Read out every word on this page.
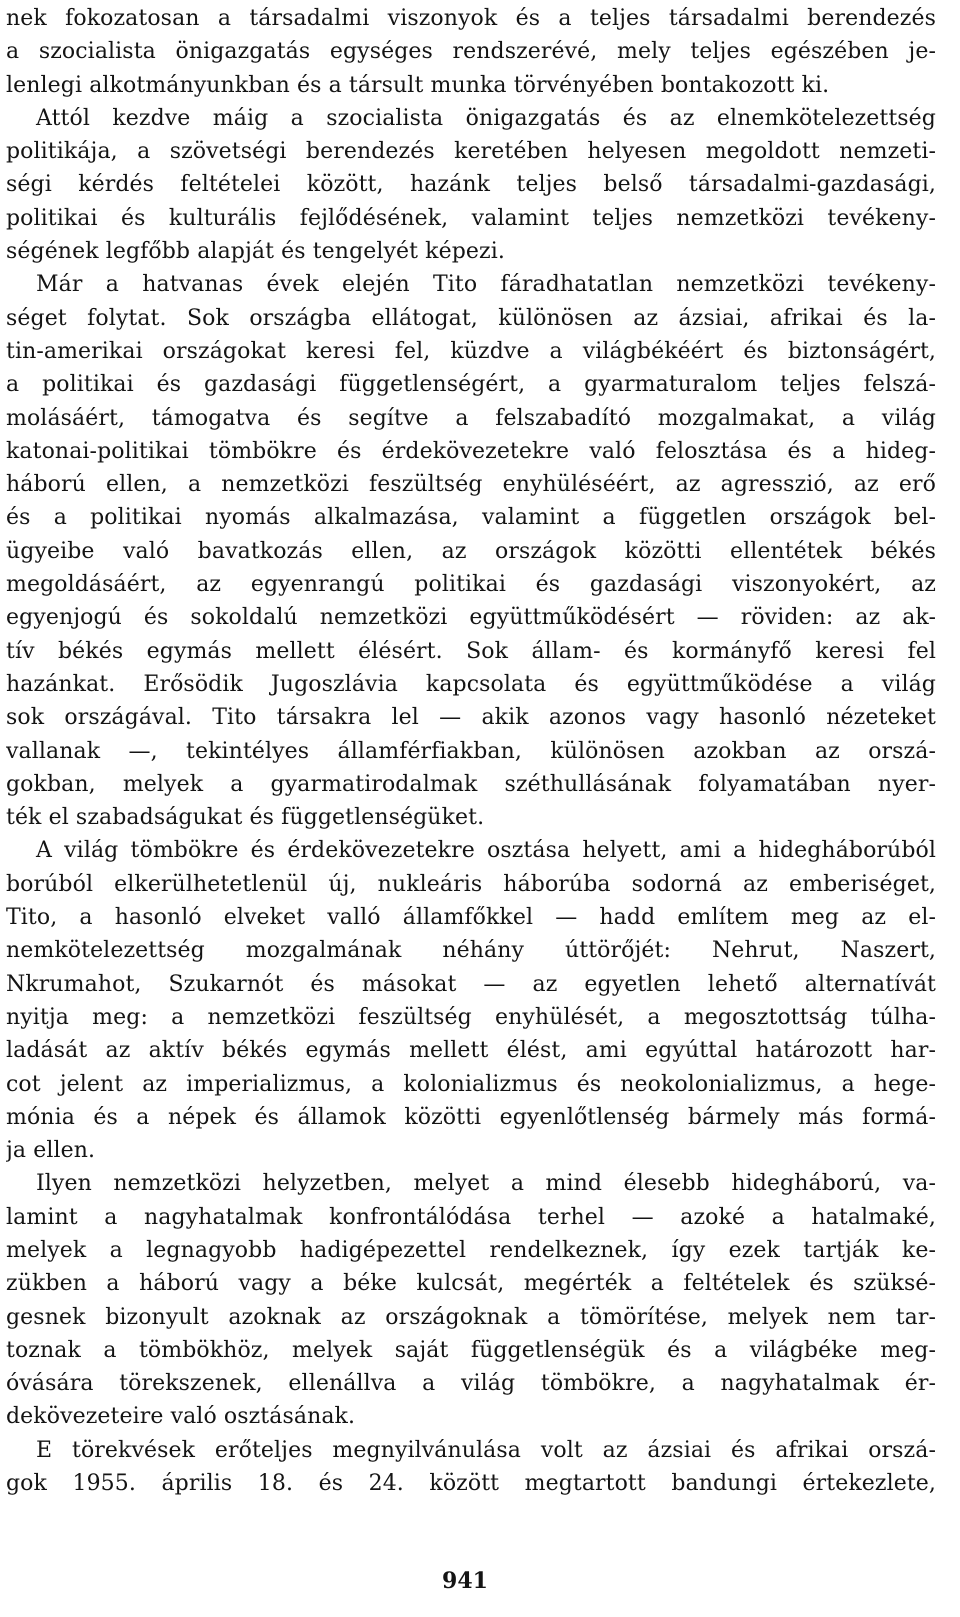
nek fokozatosan a társadalmi viszonyok és a teljes társadalmi berendezés
a szocialista önigazgatás egységes rendszerévé, mely teljes egészében je-
lenlegi alkotmányunkban és a társult munka törvényében bontakozott ki.
Attól kezdve máig a szocialista önigazgatás és az elnemkötelezettség
politikája, a szövetségi berendezés keretében helyesen megoldott nemzeti-
ségi kérdés feltételei között, hazánk teljes belső társadalmi-gazdasági,
politikai és kulturális fejlődésének, valamint teljes nemzetközi tevékeny-
ségének legfőbb alapját és tengelyét képezi.
Már a hatvanas évek elején Tito fáradhatatlan nemzetközi tevékeny-
séget folytat. Sok országba ellátogat, különösen az ázsiai, afrikai és la-
tin-amerikai országokat keresi fel, küzdve a világbékéért és biztonságért,
a politikai és gazdasági függetlenségért, a gyarmaturalom teljes felszá-
molásáért, támogatva és segítve a felszabadító mozgalmakat, a világ
katonai-politikai tömbökre és érdekövezetekre való felosztása és a hideg-
háború ellen, a nemzetközi feszültség enyhüléséért, az agresszió, az erő
és a politikai nyomás alkalmazása, valamint a független országok bel-
ügyeibe való bavatkozás ellen, az országok közötti ellentétek békés
megoldásáért, az egyenrangú politikai és gazdasági viszonyokért, az
egyenjogú és sokoldalú nemzetközi együttműködésért — röviden: az ak-
tív békés egymás mellett élésért. Sok állam- és kormányfő keresi fel
hazánkat. Erősödik Jugoszlávia kapcsolata és együttműködése a világ
sok országával. Tito társakra lel — akik azonos vagy hasonló nézeteket
vallanak —, tekintélyes államférfiakban, különösen azokban az orszá-
gokban, melyek a gyarmatirodalmak széthullásának folyamatában nyer-
ték el szabadságukat és függetlenségüket.
A világ tömbökre és érdekövezetekre osztása helyett, ami a hidegháborúból
borúból elkerülhetetlenül új, nukleáris háborúba sodorná az emberiséget,
Tito, a hasonló elveket valló államfőkkel — hadd említem meg az el-
nemkötelezettség mozgalmának néhány úttörőjét: Nehrut, Naszert,
Nkrumahot, Szukarnót és másokat — az egyetlen lehető alternatívát
nyitja meg: a nemzetközi feszültség enyhülését, a megosztottság túlha-
ladását az aktív békés egymás mellett élést, ami egyúttal határozott har-
cot jelent az imperializmus, a kolonializmus és neokolonializmus, a hege-
mónia és a népek és államok közötti egyenlőtlenség bármely más formá-
ja ellen.
Ilyen nemzetközi helyzetben, melyet a mind élesebb hidegháború, va-
lamint a nagyhatalmak konfrontálódása terhel — azoké a hatalmaké,
melyek a legnagyobb hadigépezettel rendelkeznek, így ezek tartják ke-
zükben a háború vagy a béke kulcsát, megérték a feltételek és szüksé-
gesnek bizonyult azoknak az országoknak a tömörítése, melyek nem tar-
toznak a tömbökhöz, melyek saját függetlenségük és a világbéke meg-
óvására törekszenek, ellenállva a világ tömbökre, a nagyhatalmak ér-
dekövezeteire való osztásának.
E törekvések erőteljes megnyilvánulása volt az ázsiai és afrikai orszá-
gok 1955. április 18. és 24. között megtartott bandungi értekezlete,
941
